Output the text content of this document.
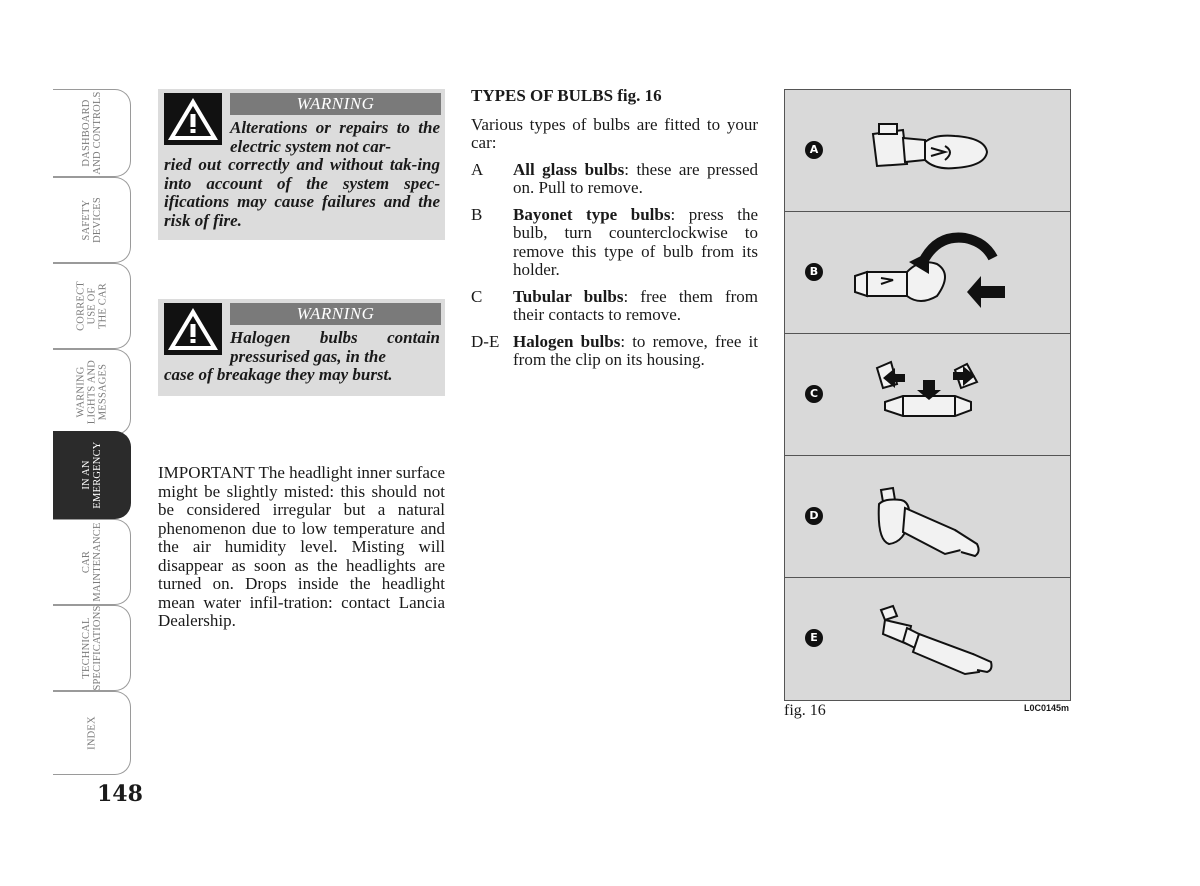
DASHBOARD
AND CONTROLS
SAFETY
DEVICES
CORRECT
USE OF
THE CAR
WARNING
LIGHTS AND
MESSAGES
IN AN
EMERGENCY
CAR
MAINTENANCE
TECHNICAL
SPECIFICATIONS
INDEX
148
WARNING
Alterations or repairs to the electric system not car-
ried out correctly and without tak-ing into account of the system spec-ifications may cause failures and the risk of fire.
WARNING
Halogen bulbs contain pressurised gas, in the
case of breakage they may burst.
IMPORTANT The headlight inner surface might be slightly misted: this should not be considered irregular but a natural phenomenon due to low temperature and the air humidity level. Misting will disappear as soon as the headlights are turned on. Drops inside the headlight mean water infil-tration: contact Lancia Dealership.
TYPES OF BULBS fig. 16

Various types of bulbs are fitted to your car:

A All glass bulbs: these are pressed on. Pull to remove.
B Bayonet type bulbs: press the bulb, turn counterclockwise to remove this type of bulb from its holder.
C Tubular bulbs: free them from their contacts to remove.
D-E Halogen bulbs: to remove, free it from the clip on its housing.
A
B
C
D
E
fig. 16	L0C0145m
